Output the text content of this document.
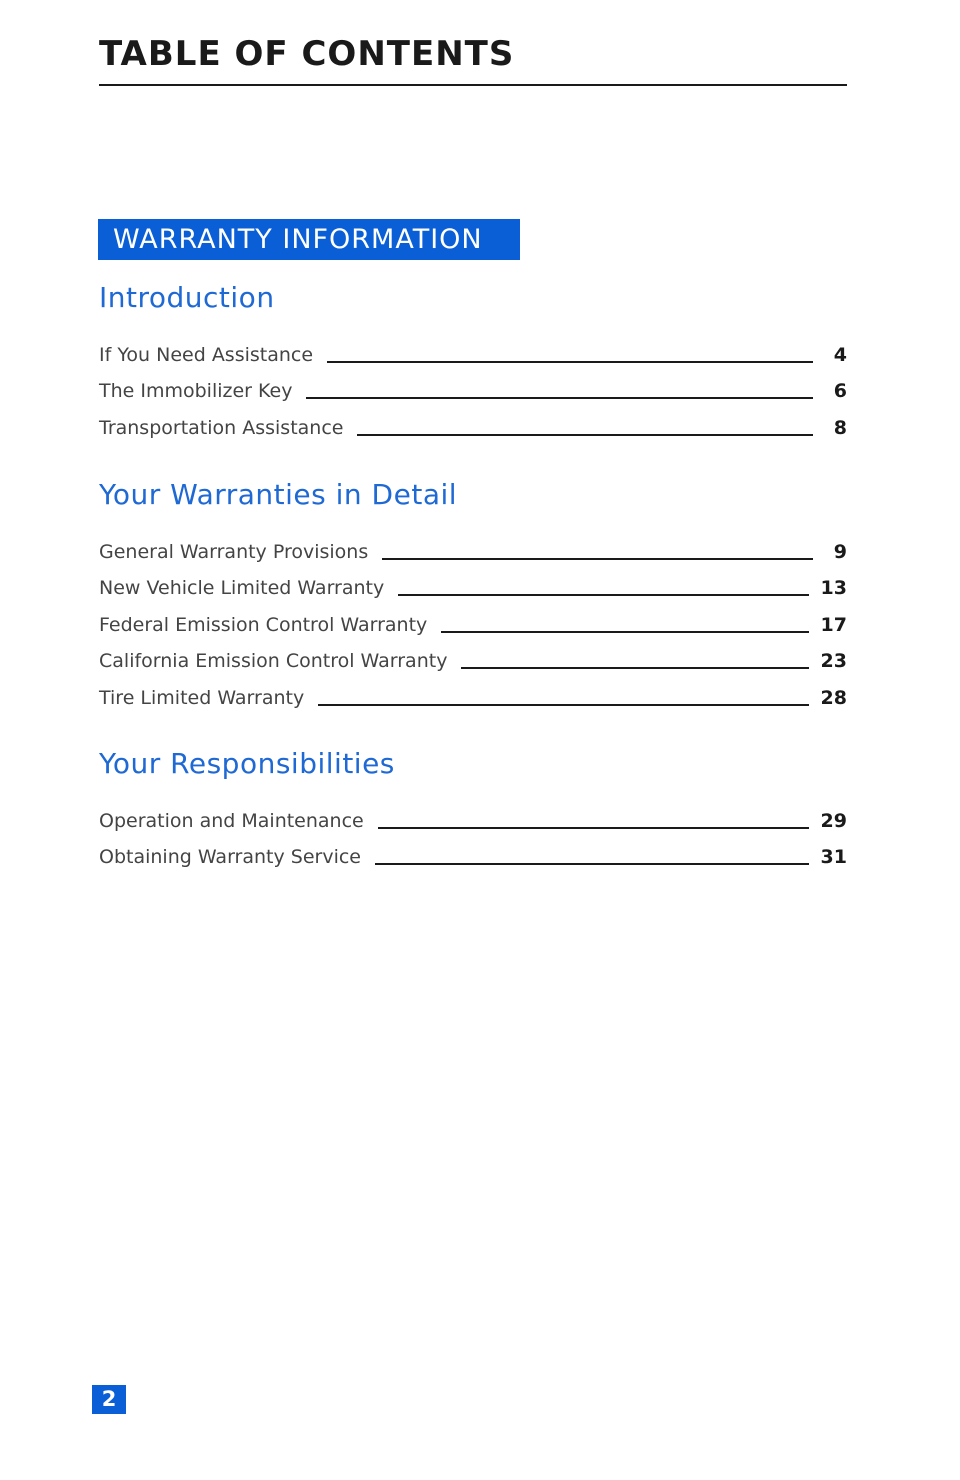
TABLE OF CONTENTS
WARRANTY INFORMATION
Introduction
If You Need Assistance	4
The Immobilizer Key	6
Transportation Assistance	8
Your Warranties in Detail
General Warranty Provisions	9
New Vehicle Limited Warranty	13
Federal Emission Control Warranty	17
California Emission Control Warranty	23
Tire Limited Warranty	28
Your Responsibilities
Operation and Maintenance	29
Obtaining Warranty Service	31
2
